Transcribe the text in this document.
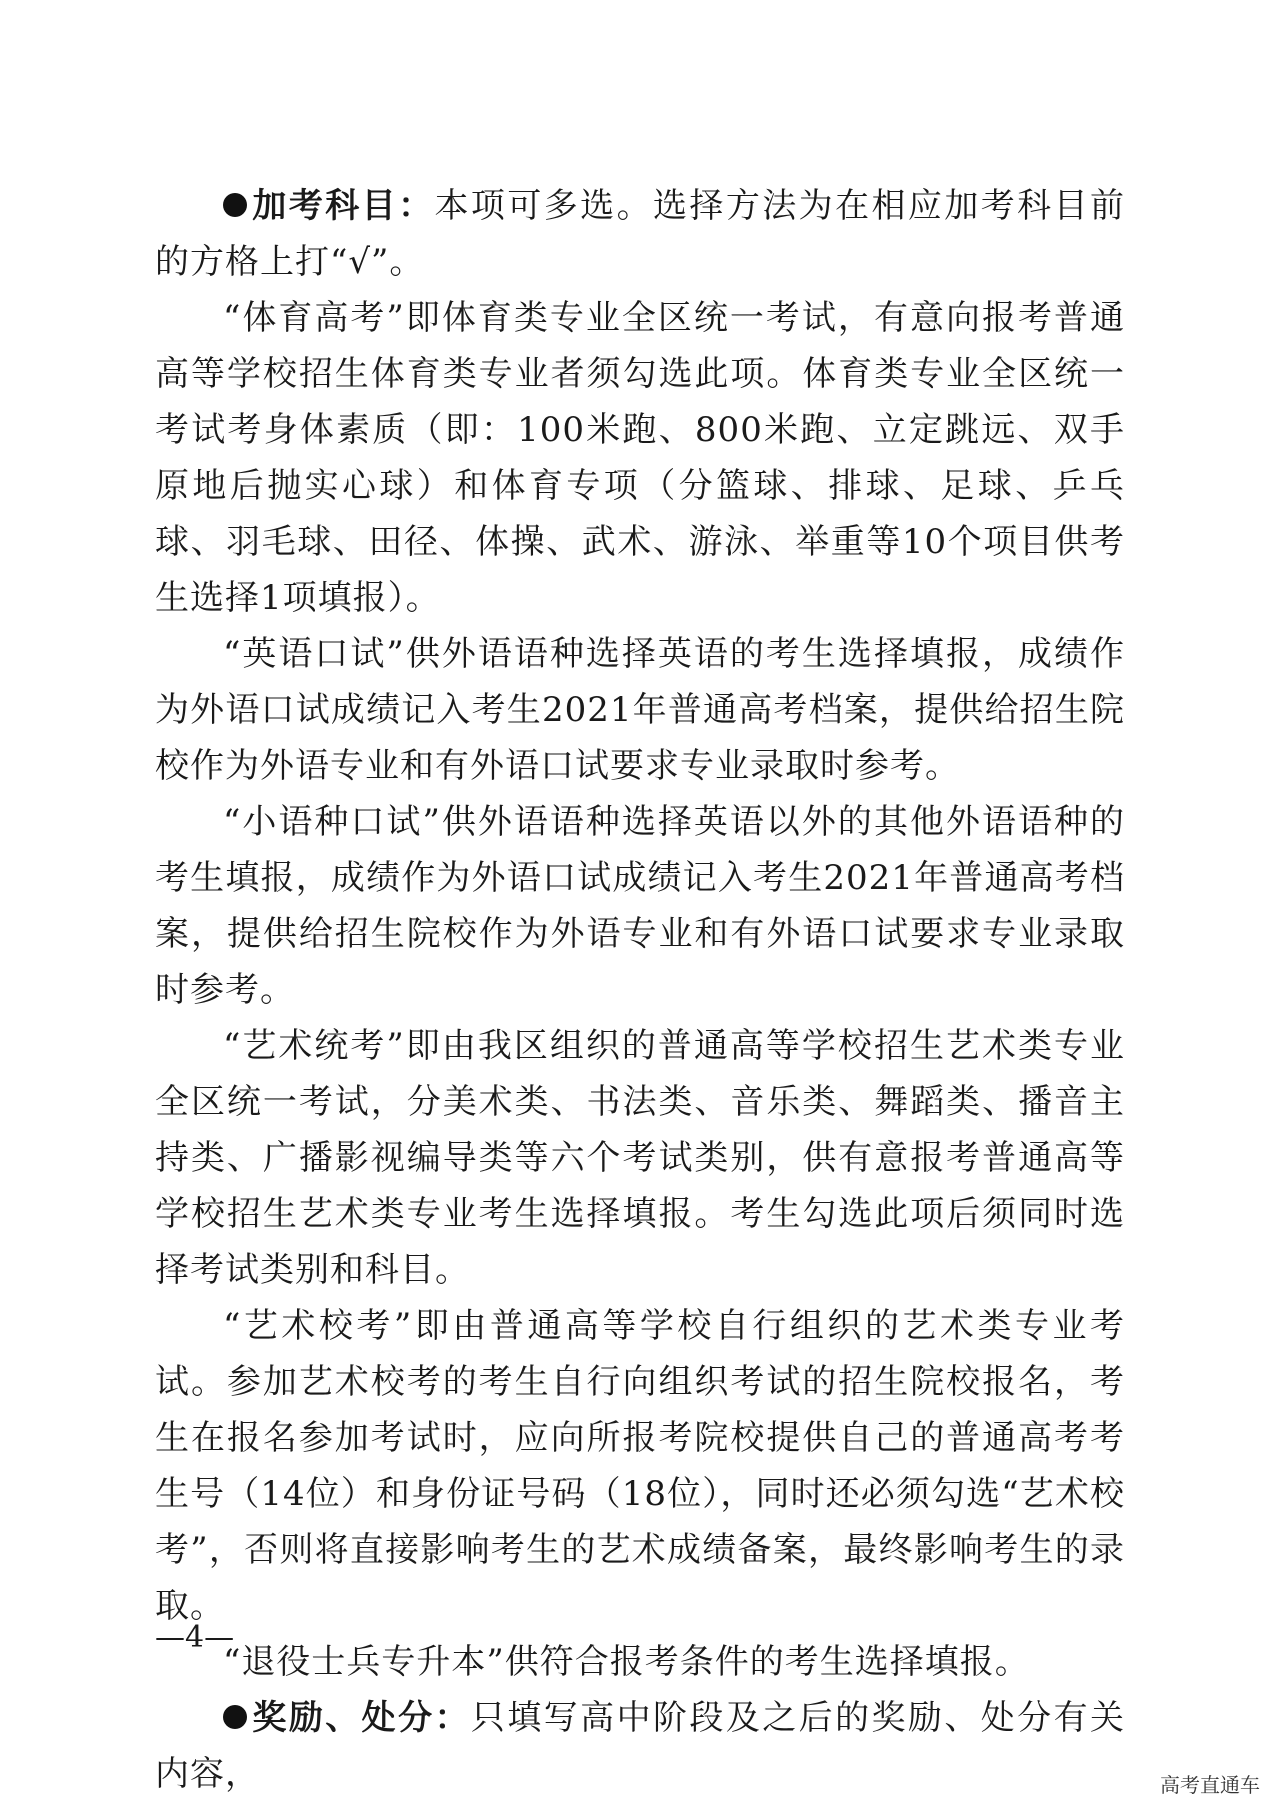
加考科目：本项可多选。选择方法为在相应加考科目前的方格上打“√”。

“体育高考”即体育类专业全区统一考试，有意向报考普通高等学校招生体育类专业者须勾选此项。体育类专业全区统一考试考身体素质（即：100米跑、800米跑、立定跳远、双手原地后抛实心球）和体育专项（分篮球、排球、足球、乒乓球、羽毛球、田径、体操、武术、游泳、举重等10个项目供考生选择1项填报）。

“英语口试”供外语语种选择英语的考生选择填报，成绩作为外语口试成绩记入考生2021年普通高考档案，提供给招生院校作为外语专业和有外语口试要求专业录取时参考。

“小语种口试”供外语语种选择英语以外的其他外语语种的考生填报，成绩作为外语口试成绩记入考生2021年普通高考档案，提供给招生院校作为外语专业和有外语口试要求专业录取时参考。

“艺术统考”即由我区组织的普通高等学校招生艺术类专业全区统一考试，分美术类、书法类、音乐类、舞蹈类、播音主持类、广播影视编导类等六个考试类别，供有意报考普通高等学校招生艺术类专业考生选择填报。考生勾选此项后须同时选择考试类别和科目。

“艺术校考”即由普通高等学校自行组织的艺术类专业考试。参加艺术校考的考生自行向组织考试的招生院校报名，考生在报名参加考试时，应向所报考院校提供自己的普通高考考生号（14位）和身份证号码（18位），同时还必须勾选“艺术校考”，否则将直接影响考生的艺术成绩备案，最终影响考生的录取。

“退役士兵专升本”供符合报考条件的考生选择填报。

奖励、处分：只填写高中阶段及之后的奖励、处分有关内容，

—4—
高考直通车
